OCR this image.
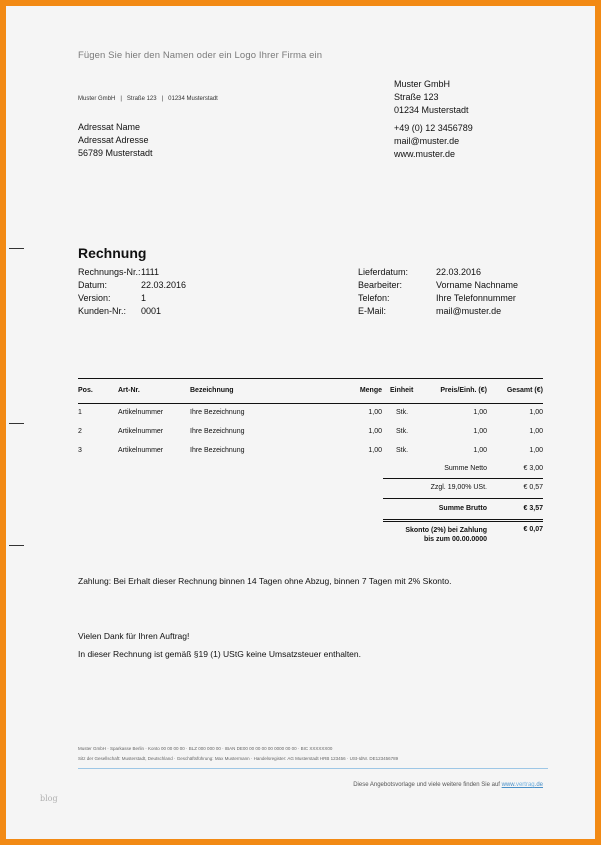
Fügen Sie hier den Namen oder ein Logo Ihrer Firma ein
Muster GmbH | Straße 123 | 01234 Musterstadt
Muster GmbH
Straße 123
01234 Musterstadt
+49 (0) 12 3456789
mail@muster.de
www.muster.de
Adressat Name
Adressat Adresse
56789 Musterstadt
Rechnung
Rechnungs-Nr.:1111
Datum:	22.03.2016
Version:	1
Kunden-Nr.: 0001
Lieferdatum:	22.03.2016
Bearbeiter:	Vorname Nachname
Telefon:	Ihre Telefonnummer
E-Mail:	mail@muster.de
Pos.	Art-Nr.	Bezeichnung	Menge Einheit	Preis/Einh. (€)	Gesamt (€)
1	Artikelnummer	Ihre Bezeichnung	1,00 Stk.	1,00	1,00
2	Artikelnummer	Ihre Bezeichnung	1,00 Stk.	1,00	1,00
3	Artikelnummer	Ihre Bezeichnung	1,00 Stk.	1,00	1,00
Summe Netto	€ 3,00
Zzgl. 19,00% USt.	€ 0,57
Summe Brutto	€ 3,57
Skonto (2%) bei Zahlung
bis zum 00.00.0000
€ 0,07
Zahlung: Bei Erhalt dieser Rechnung binnen 14 Tagen ohne Abzug, binnen 7 Tagen mit 2% Skonto.
Vielen Dank für Ihren Auftrag!
In dieser Rechnung ist gemäß §19 (1) UStG keine Umsatzsteuer enthalten.
Muster GmbH · Sparkasse Berlin · Konto 00 00 00 00 · BLZ 000 000 00 · IBAN DE00 00 00 00 00 0000 00 00 · BIC XXXXXX00
Sitz der Gesellschaft: Musterstadt, Deutschland · Geschäftsführung: Max Mustermann · Handelsregister: AG Musterstadt HRB 123456 · USt-IdNr. DE123456789
Diese Angebotsvorlage und viele weitere finden Sie auf www.vertrag.de
blog
